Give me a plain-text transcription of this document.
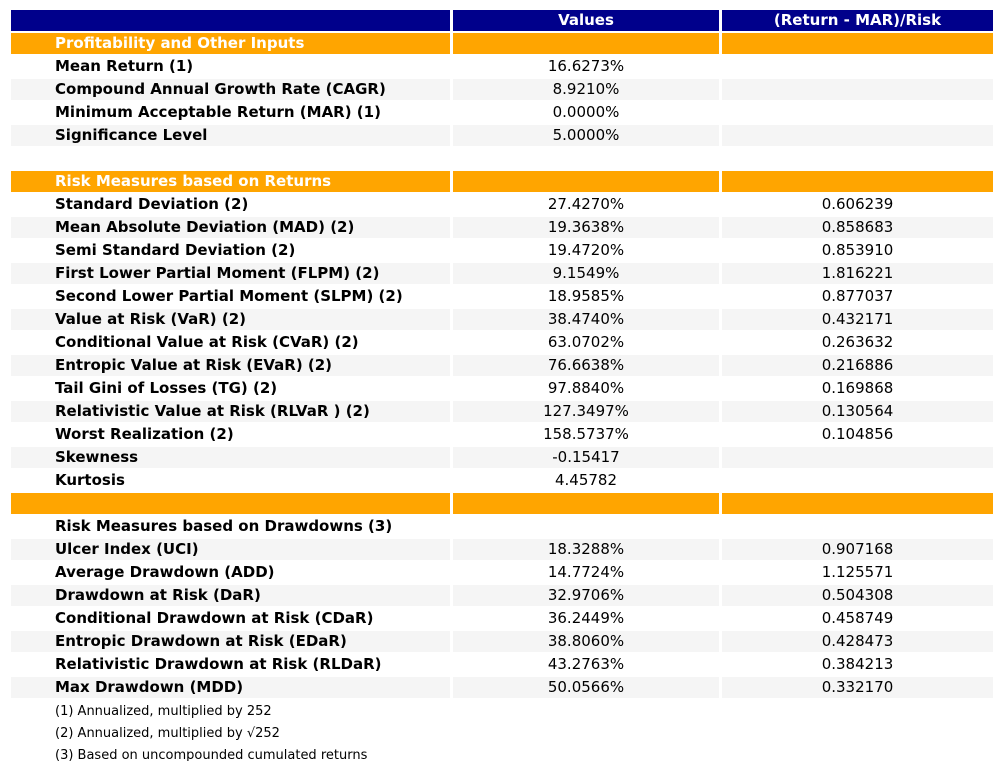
	Values	(Return - MAR)/Risk
Profitability and Other Inputs		
Mean Return (1)	16.6273%	
Compound Annual Growth Rate (CAGR)	8.9210%	
Minimum Acceptable Return (MAR) (1)	0.0000%	
Significance Level	5.0000%	

Risk Measures based on Returns		
Standard Deviation (2)	27.4270%	0.606239
Mean Absolute Deviation (MAD) (2)	19.3638%	0.858683
Semi Standard Deviation (2)	19.4720%	0.853910
First Lower Partial Moment (FLPM) (2)	9.1549%	1.816221
Second Lower Partial Moment (SLPM) (2)	18.9585%	0.877037
Value at Risk (VaR) (2)	38.4740%	0.432171
Conditional Value at Risk (CVaR) (2)	63.0702%	0.263632
Entropic Value at Risk (EVaR) (2)	76.6638%	0.216886
Tail Gini of Losses (TG) (2)	97.8840%	0.169868
Relativistic Value at Risk (RLVaR ) (2)	127.3497%	0.130564
Worst Realization (2)	158.5737%	0.104856
Skewness	-0.15417	
Kurtosis	4.45782	

Risk Measures based on Drawdowns (3)		
Ulcer Index (UCI)	18.3288%	0.907168
Average Drawdown (ADD)	14.7724%	1.125571
Drawdown at Risk (DaR)	32.9706%	0.504308
Conditional Drawdown at Risk (CDaR)	36.2449%	0.458749
Entropic Drawdown at Risk (EDaR)	38.8060%	0.428473
Relativistic Drawdown at Risk (RLDaR)	43.2763%	0.384213
Max Drawdown (MDD)	50.0566%	0.332170
(1) Annualized, multiplied by 252
(2) Annualized, multiplied by √252
(3) Based on uncompounded cumulated returns
